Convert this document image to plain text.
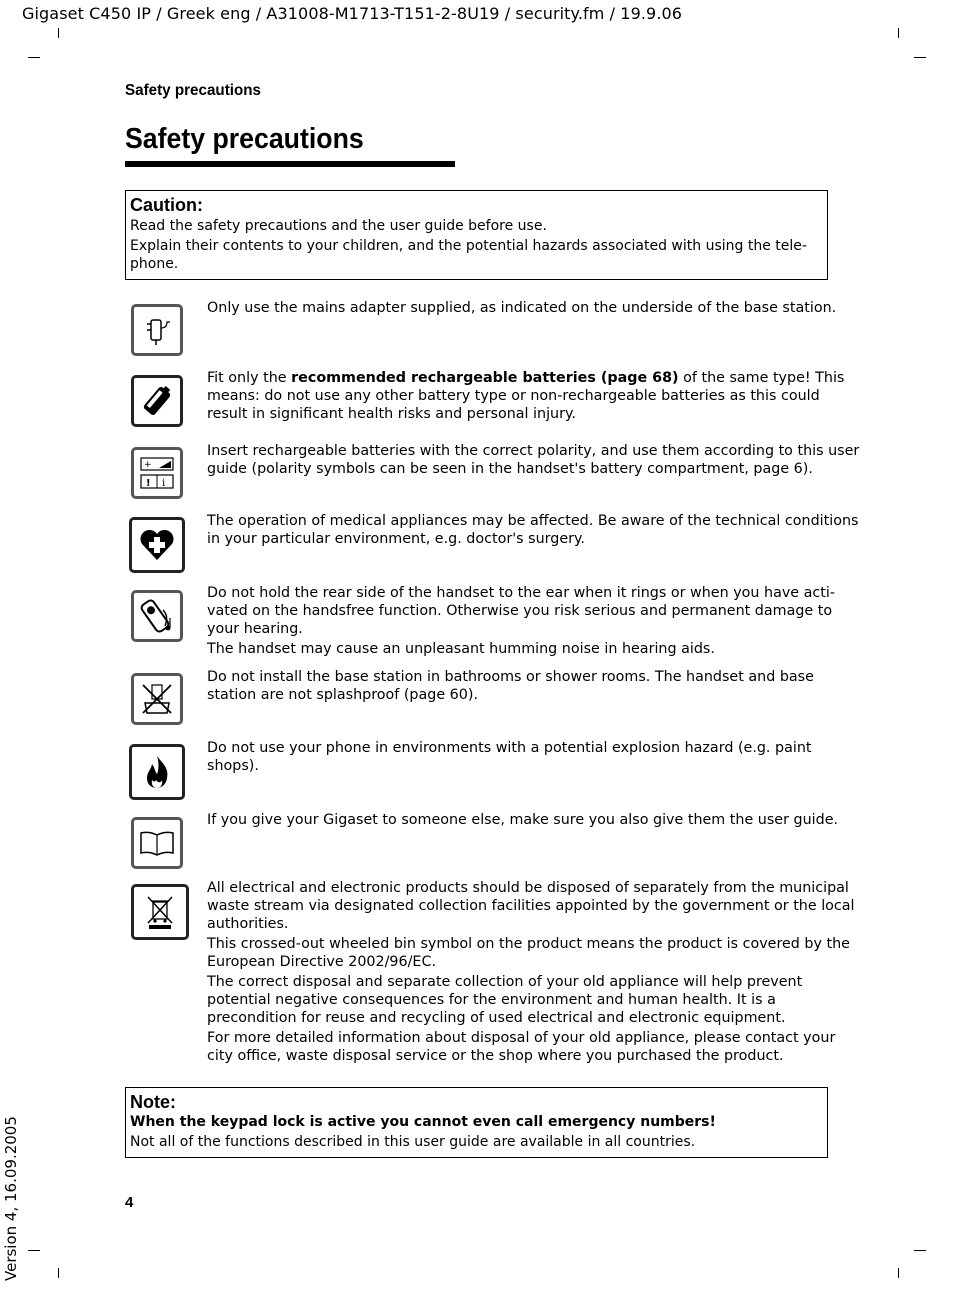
Gigaset C450 IP / Greek eng / A31008-M1713-T151-2-8U19 / security.fm / 19.9.06
Safety precautions
Safety precautions
Caution:
Read the safety precautions and the user guide before use.
Explain their contents to your children, and the potential hazards associated with using the tele-
phone.
Only use the mains adapter supplied, as indicated on the underside of the base station.
Fit only the recommended rechargeable batteries (page 68) of the same type! This
means: do not use any other battery type or non-rechargeable batteries as this could
result in significant health risks and personal injury.
+
! i
Insert rechargeable batteries with the correct polarity, and use them according to this user
guide (polarity symbols can be seen in the handset's battery compartment, page 6).
The operation of medical appliances may be affected. Be aware of the technical conditions
in your particular environment, e.g. doctor's surgery.
Do not hold the rear side of the handset to the ear when it rings or when you have acti-
vated on the handsfree function. Otherwise you risk serious and permanent damage to
your hearing.
The handset may cause an unpleasant humming noise in hearing aids.
Do not install the base station in bathrooms or shower rooms. The handset and base
station are not splashproof (page 60).
Do not use your phone in environments with a potential explosion hazard (e.g. paint
shops).
If you give your Gigaset to someone else, make sure you also give them the user guide.
All electrical and electronic products should be disposed of separately from the municipal
waste stream via designated collection facilities appointed by the government or the local
authorities.
This crossed-out wheeled bin symbol on the product means the product is covered by the
European Directive 2002/96/EC.
The correct disposal and separate collection of your old appliance will help prevent
potential negative consequences for the environment and human health. It is a
precondition for reuse and recycling of used electrical and electronic equipment.
For more detailed information about disposal of your old appliance, please contact your
city office, waste disposal service or the shop where you purchased the product.
Note:
When the keypad lock is active you cannot even call emergency numbers!
Not all of the functions described in this user guide are available in all countries.
4
Version 4, 16.09.2005
